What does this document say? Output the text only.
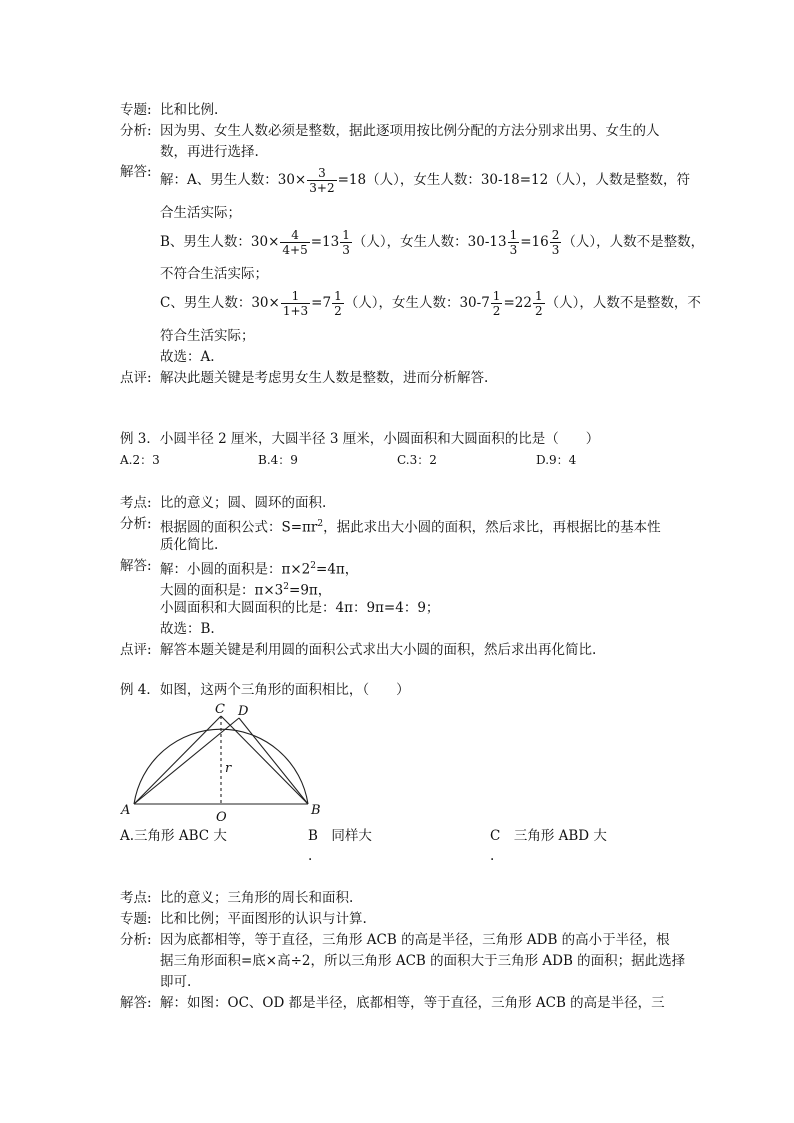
专题: 比和比例.
分析: 因为男、女生人数必须是整数，据此逐项用按比例分配的方法分别求出男、女生的人
数，再进行选择.
解答: 解：A、男生人数：$30\times \frac{3}{3+2} =18$（人），女生人数：30-18=12（人），人数是整数，符
合生活实际；
B、男生人数：$30\times \frac{4}{4+5} =13 \frac{1}{3}$ （人），女生人数：$30-13 \frac{1}{3} =16 \frac{2}{3}$ （人），人数不是整数，
不符合生活实际；
C、男生人数：$30\times \frac{1}{1+3} =7 \frac{1}{2}$ （人），女生人数：$30-7 \frac{1}{2} =22 \frac{1}{2}$ （人），人数不是整数，不
符合生活实际；
故选：A.
点评: 解决此题关键是考虑男女生人数是整数，进而分析解答.
例 3．小圆半径 2 厘米，大圆半径 3 厘米，小圆面积和大圆面积的比是（　　）
A.2：3	B.4：9	C.3：2	D.9：4
考点: 比的意义；圆、圆环的面积.
分析: 根据圆的面积公式：$S=\pi r^2$，据此求出大小圆的面积，然后求比，再根据比的基本性
质化简比.
解答: 解：小圆的面积是：$\pi\times 2^2=4\pi$，
大圆的面积是：$\pi\times 3^2=9\pi$，
小圆面积和大圆面积的比是：4π：9π=4：9；
故选：B.
点评: 解答本题关键是利用圆的面积公式求出大小圆的面积，然后求出再化简比.
例 4．如图，这两个三角形的面积相比，（　　）
A	B
C D
O
r
A.三角形 ABC 大	B　同样大
.
C　三角形 ABD 大
.
考点: 比的意义；三角形的周长和面积.
专题: 比和比例；平面图形的认识与计算.
分析: 因为底都相等，等于直径，三角形 ACB 的高是半径，三角形 ADB 的高小于半径，根
据三角形面积=底×高÷2，所以三角形 ACB 的面积大于三角形 ADB 的面积；据此选择
即可.
解答: 解：如图：OC、OD 都是半径，底都相等，等于直径，三角形 ACB 的高是半径，三
